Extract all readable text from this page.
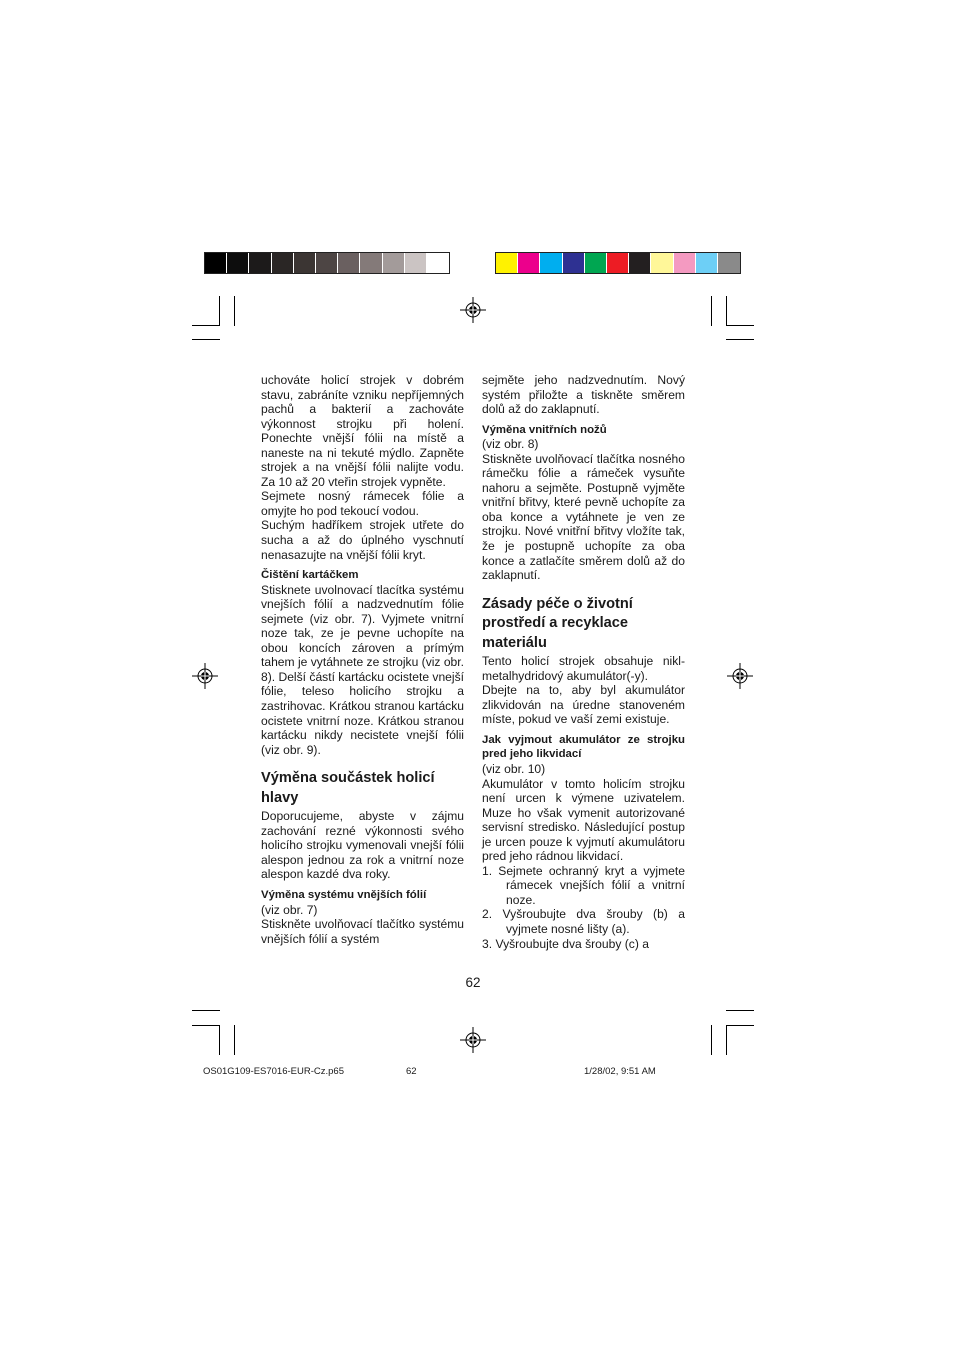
uchováte holicí strojek v dobrém stavu, zabráníte vzniku nepříjemných pachů a bakterií a zachováte výkonnost strojku při holení. Ponechte vnější fólii na místě a naneste na ni tekuté mýdlo. Zapněte strojek a na vnější fólii nalijte vodu. Za 10 až 20 vteřin strojek vypněte.

Sejmete nosný rámecek fólie a omyjte ho pod tekoucí vodou.

Suchým hadříkem strojek utřete do sucha a až do úplného vyschnutí nenasazujte na vnější fólii kryt.

Čištění kartáčkem

Stisknete uvolnovací tlacítka systému vnejších fólií a nadzvednutím fólie sejmete (viz obr. 7). Vyjmete vnitrní noze tak, ze je pevne uchopíte na obou koncích zároven a prímým tahem je vytáhnete ze strojku (viz obr. 8). Delší částí kartácku ocistete vnejší fólie, teleso holicího strojku a zastrihovac. Krátkou stranou kartácku ocistete vnitrní noze. Krátkou stranou kartácku nikdy necistete vnejší fólii (viz obr. 9).

Výměna součástek holicí hlavy

Doporucujeme, abyste v zájmu zachování rezné výkonnosti svého holicího strojku vymenovali vnejší fólii alespon jednou za rok a vnitrní noze alespon kazdé dva roky.

Výměna systému vnějších fólií

(viz obr. 7)

Stiskněte uvolňovací tlačítko systému vnějších fólií a systém

sejměte jeho nadzvednutím. Nový systém přiložte a tiskněte směrem dolů až do zaklapnutí.

Výměna vnitřních nožů

(viz obr. 8)

Stiskněte uvolňovací tlačítka nosného rámečku fólie a rámeček vysuňte nahoru a sejměte. Postupně vyjměte vnitřní břitvy, které pevně uchopíte za oba konce a vytáhnete je ven ze strojku. Nové vnitřní břitvy vložíte tak, že je postupně uchopíte za oba konce a zatlačíte směrem dolů až do zaklapnutí.

Zásady péče o životní prostředí a recyklace materiálu

Tento holicí strojek obsahuje nikl-metalhydridový akumulátor(-y).

Dbejte na to, aby byl akumulátor zlikvidován na úredne stanoveném míste, pokud ve vaší zemi existuje.

Jak vyjmout akumulátor ze strojku pred jeho likvidací

(viz obr. 10)

Akumulátor v tomto holicím strojku není urcen k výmene uzivatelem. Muze ho však vymenit autorizované servisní stredisko. Následující postup je urcen pouze k vyjmutí akumulátoru pred jeho rádnou likvidací.

1. Sejmete ochranný kryt a vyjmete rámecek vnejších fólií a vnitrní noze.

2. Vyšroubujte dva šrouby (b) a vyjmete nosné lišty (a).

3. Vyšroubujte dva šrouby (c) a

62
OS01G109-ES7016-EUR-Cz.p65	62	1/28/02, 9:51 AM
